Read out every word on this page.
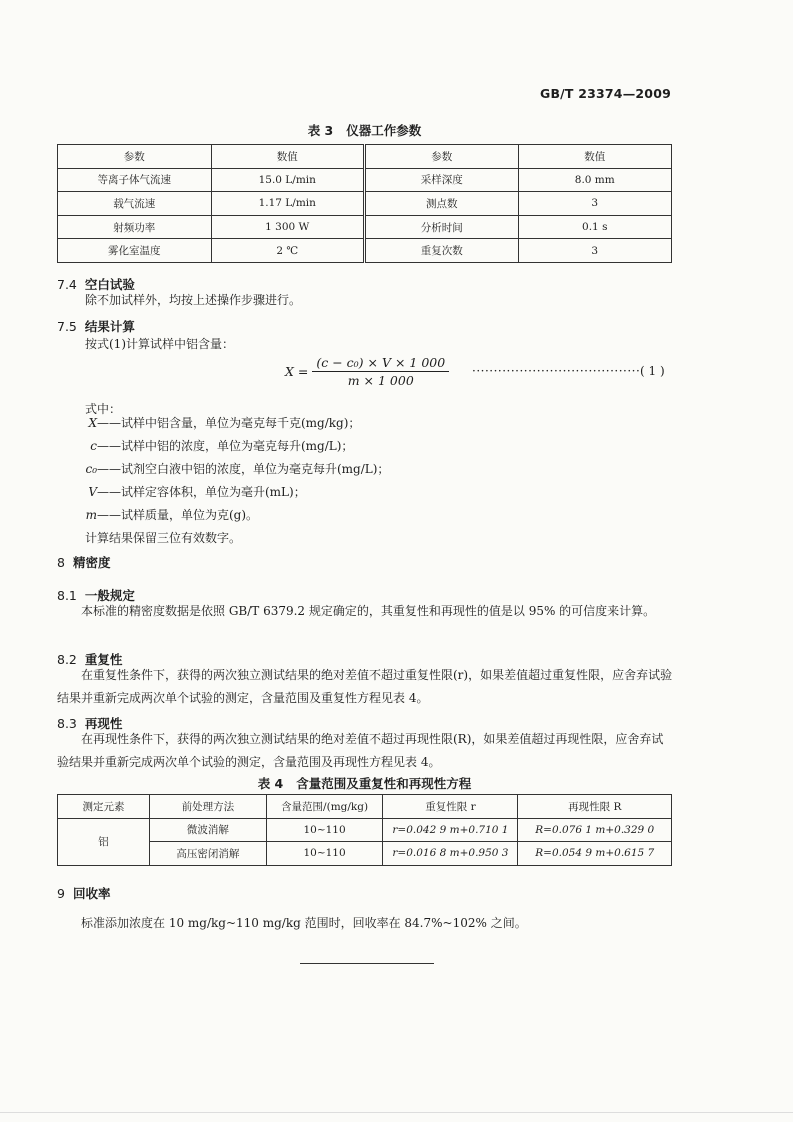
GB/T 23374—2009
表 3   仪器工作参数
参数	数值	参数	数值
等离子体气流速	15.0 L/min	采样深度	8.0 mm
载气流速	1.17 L/min	测点数	3
射频功率	1 300 W	分析时间	0.1 s
雾化室温度	2 ℃	重复次数	3
7.4 空白试验
除不加试样外，均按上述操作步骤进行。
7.5 结果计算
按式(1)计算试样中铝含量：
$X = \frac{\text{(c − c₀) × V × 1 000}}{m \times 1 000}$ ······································· ( 1 )
式中：
X——试样中铝含量，单位为毫克每千克(mg/kg)；
c——试样中铝的浓度，单位为毫克每升(mg/L)；
c₀——试剂空白液中铝的浓度，单位为毫克每升(mg/L)；
V——试样定容体积，单位为毫升(mL)；
m——试样质量，单位为克(g)。
计算结果保留三位有效数字。
8 精密度
8.1 一般规定
本标准的精密度数据是依照 GB/T 6379.2 规定确定的，其重复性和再现性的值是以 95% 的可信度来计算。
8.2 重复性
在重复性条件下，获得的两次独立测试结果的绝对差值不超过重复性限(r)，如果差值超过重复性限，应舍弃试验结果并重新完成两次单个试验的测定，含量范围及重复性方程见表 4。
8.3 再现性
在再现性条件下，获得的两次独立测试结果的绝对差值不超过再现性限(R)，如果差值超过再现性限，应舍弃试验结果并重新完成两次单个试验的测定，含量范围及再现性方程见表 4。
表 4   含量范围及重复性和再现性方程
测定元素	前处理方法	含量范围/(mg/kg)	重复性限 r	再现性限 R
铝	微波消解	10~110	r=0.042 9 m+0.710 1	R=0.076 1 m+0.329 0
	高压密闭消解	10~110	r=0.016 8 m+0.950 3	R=0.054 9 m+0.615 7
9 回收率
标准添加浓度在 10 mg/kg~110 mg/kg 范围时，回收率在 84.7%~102% 之间。
